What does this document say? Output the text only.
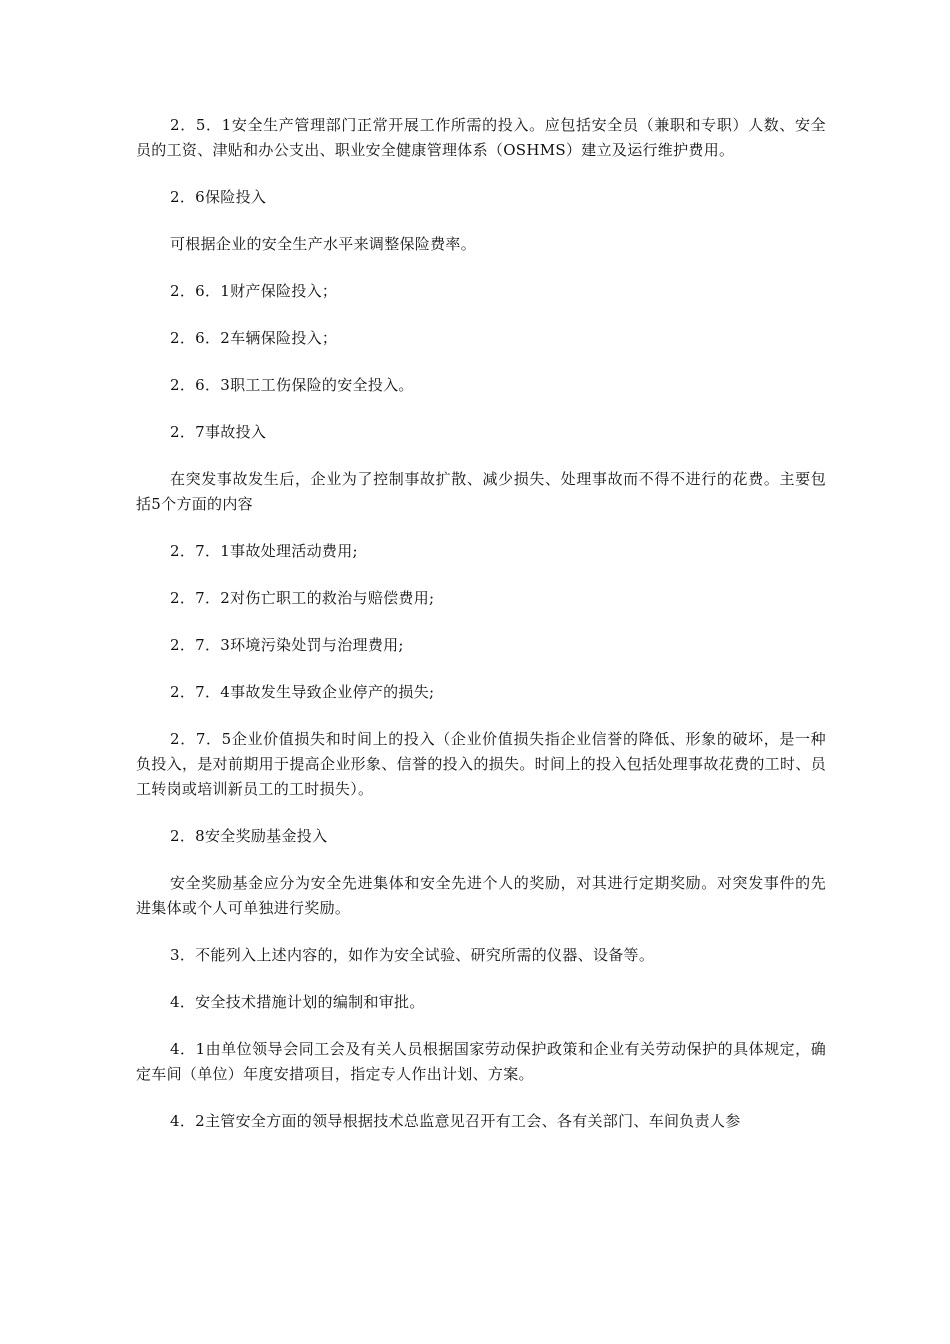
2．5．1安全生产管理部门正常开展工作所需的投入。应包括安全员（兼职和专职）人数、安全员的工资、津贴和办公支出、职业安全健康管理体系（OSHMS）建立及运行维护费用。

2．6保险投入

可根据企业的安全生产水平来调整保险费率。

2．6．1财产保险投入；

2．6．2车辆保险投入；

2．6．3职工工伤保险的安全投入。

2．7事故投入

在突发事故发生后，企业为了控制事故扩散、减少损失、处理事故而不得不进行的花费。主要包括5个方面的内容

2．7．1事故处理活动费用;

2．7．2对伤亡职工的救治与赔偿费用;

2．7．3环境污染处罚与治理费用;

2．7．4事故发生导致企业停产的损失;

2．7．5企业价值损失和时间上的投入（企业价值损失指企业信誉的降低、形象的破坏，是一种负投入，是对前期用于提高企业形象、信誉的投入的损失。时间上的投入包括处理事故花费的工时、员工转岗或培训新员工的工时损失）。

2．8安全奖励基金投入

安全奖励基金应分为安全先进集体和安全先进个人的奖励，对其进行定期奖励。对突发事件的先进集体或个人可单独进行奖励。

3．不能列入上述内容的，如作为安全试验、研究所需的仪器、设备等。

4．安全技术措施计划的编制和审批。

4．1由单位领导会同工会及有关人员根据国家劳动保护政策和企业有关劳动保护的具体规定，确定车间（单位）年度安措项目，指定专人作出计划、方案。

4．2主管安全方面的领导根据技术总监意见召开有工会、各有关部门、车间负责人参
